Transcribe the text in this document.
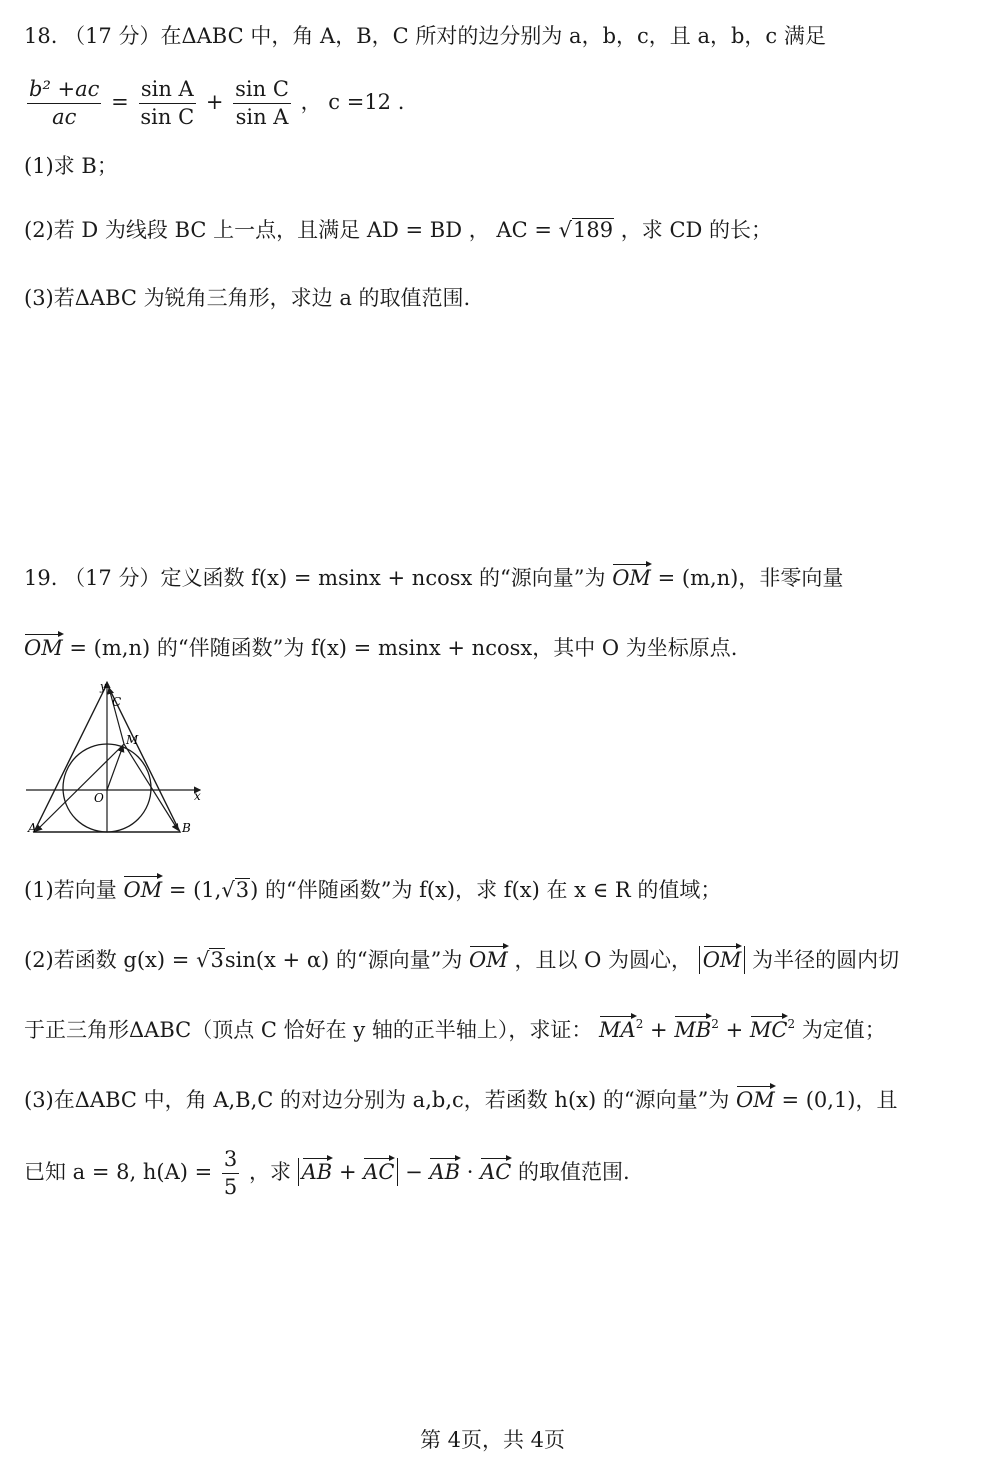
18. （17 分）在ΔABC 中，角 A，B，C 所对的边分别为 a，b，c，且 a，b，c 满足
$\frac{\text{b² +ac}}{ac} = \frac{\text{sin A}}{\text{sin C}} + \frac{\text{sin C}}{\text{sin A}}$ ， c =12 .
(1)求 B；
(2)若 D 为线段 BC 上一点，且满足 AD = BD ， AC = √ 189 ，求 CD 的长；
(3)若ΔABC 为锐角三角形，求边 a 的取值范围.
19. （17 分）定义函数 f(x) = msinx + ncosx 的“源向量”为 OM = (m,n)，非零向量
OM = (m,n) 的“伴随函数”为 f(x) = msinx + ncosx，其中 O 为坐标原点.
y
C
M
O	x
A	B
(1)若向量 OM = (1,√ 3 ) 的“伴随函数”为 f(x)，求 f(x) 在 x ∈ R 的值域；
(2)若函数 g(x) = √ 3 sin(x + α) 的“源向量”为 OM ，且以 O 为圆心， OM 为半径的圆内切
于正三角形ΔABC（顶点 C 恰好在 y 轴的正半轴上），求证： $MA^2 + MB^2 + MC^2$ 为定值；
(3)在ΔABC 中，角 A,B,C 的对边分别为 a,b,c，若函数 h(x) 的“源向量”为 OM = (0,1)，且
已知 a = 8, $h(A) = \frac{3}{5}$ ，求 AB + AC − AB · AC 的取值范围.
第 4页，共 4页
